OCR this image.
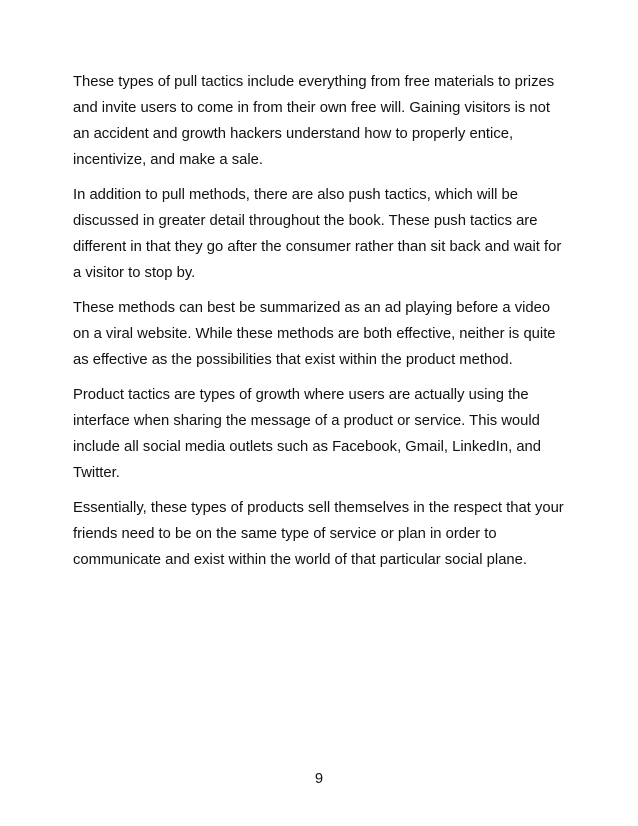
These types of pull tactics include everything from free materials to prizes
and invite users to come in from their own free will. Gaining visitors is not
an accident and growth hackers understand how to properly entice,
incentivize, and make a sale.

In addition to pull methods, there are also push tactics, which will be
discussed in greater detail throughout the book. These push tactics are
different in that they go after the consumer rather than sit back and wait for
a visitor to stop by.

These methods can best be summarized as an ad playing before a video
on a viral website. While these methods are both effective, neither is quite
as effective as the possibilities that exist within the product method.

Product tactics are types of growth where users are actually using the
interface when sharing the message of a product or service. This would
include all social media outlets such as Facebook, Gmail, LinkedIn, and
Twitter.

Essentially, these types of products sell themselves in the respect that your
friends need to be on the same type of service or plan in order to
communicate and exist within the world of that particular social plane.

9
